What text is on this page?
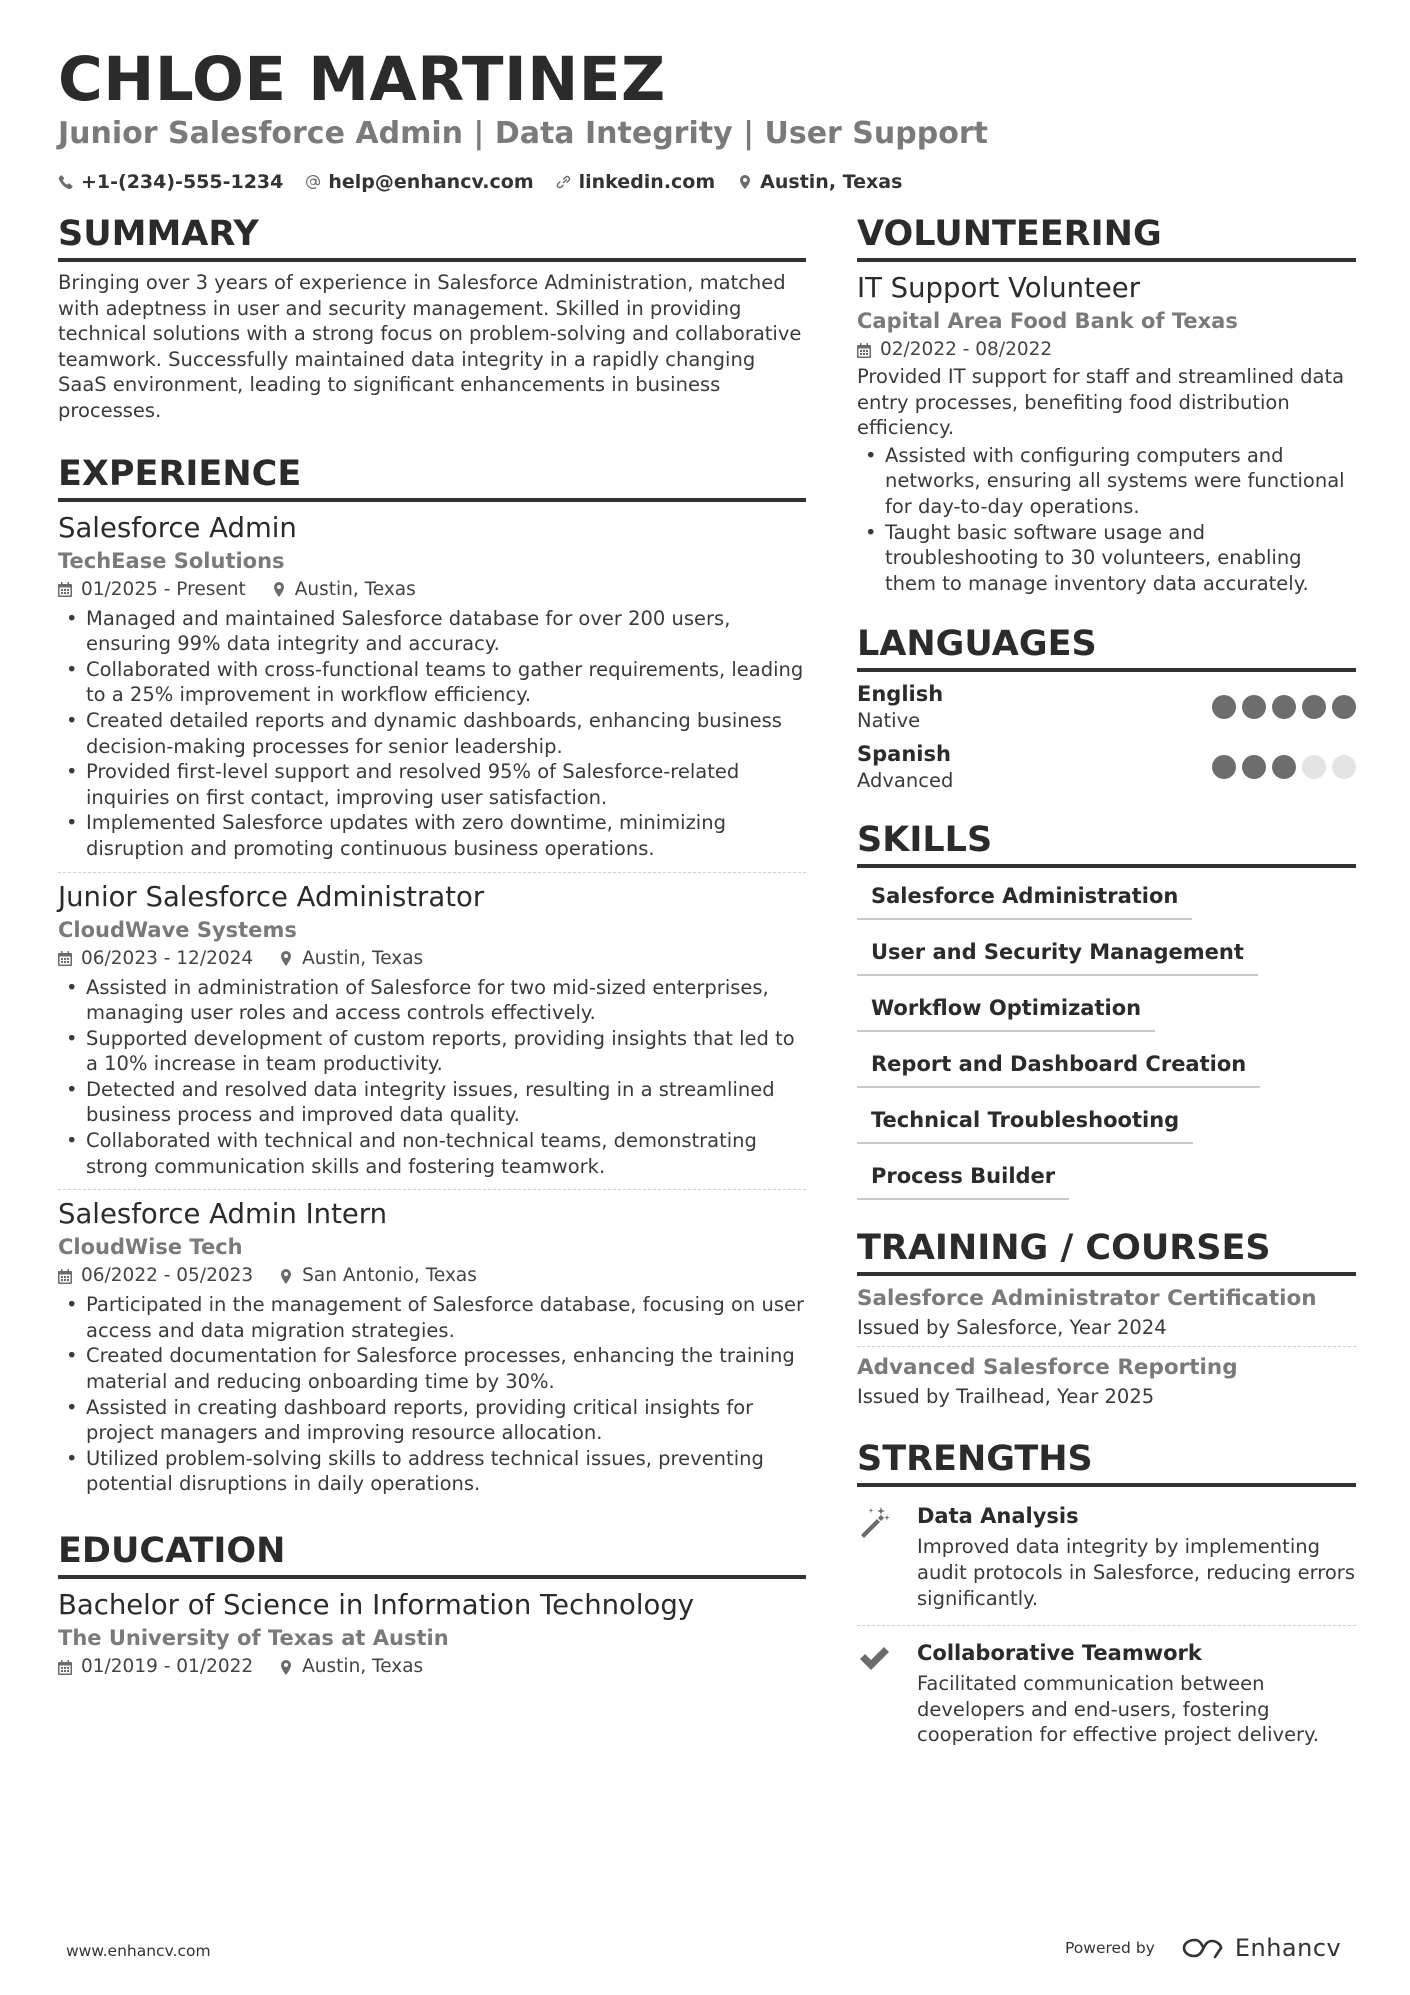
CHLOE MARTINEZ
Junior Salesforce Admin | Data Integrity | User Support
+1-(234)-555-1234 help@enhancv.com linkedin.com Austin, Texas
SUMMARY
Bringing over 3 years of experience in Salesforce Administration, matched with adeptness in user and security management. Skilled in providing technical solutions with a strong focus on problem-solving and collaborative teamwork. Successfully maintained data integrity in a rapidly changing SaaS environment, leading to significant enhancements in business processes.
EXPERIENCE
Salesforce Admin
TechEase Solutions
01/2025 - Present	Austin, Texas
• Managed and maintained Salesforce database for over 200 users, ensuring 99% data integrity and accuracy.
• Collaborated with cross-functional teams to gather requirements, leading to a 25% improvement in workflow efficiency.
• Created detailed reports and dynamic dashboards, enhancing business decision-making processes for senior leadership.
• Provided first-level support and resolved 95% of Salesforce-related inquiries on first contact, improving user satisfaction.
• Implemented Salesforce updates with zero downtime, minimizing disruption and promoting continuous business operations.
Junior Salesforce Administrator
CloudWave Systems
06/2023 - 12/2024	Austin, Texas
• Assisted in administration of Salesforce for two mid-sized enterprises, managing user roles and access controls effectively.
• Supported development of custom reports, providing insights that led to a 10% increase in team productivity.
• Detected and resolved data integrity issues, resulting in a streamlined business process and improved data quality.
• Collaborated with technical and non-technical teams, demonstrating strong communication skills and fostering teamwork.
Salesforce Admin Intern
CloudWise Tech
06/2022 - 05/2023	San Antonio, Texas
• Participated in the management of Salesforce database, focusing on user access and data migration strategies.
• Created documentation for Salesforce processes, enhancing the training material and reducing onboarding time by 30%.
• Assisted in creating dashboard reports, providing critical insights for project managers and improving resource allocation.
• Utilized problem-solving skills to address technical issues, preventing potential disruptions in daily operations.
EDUCATION
Bachelor of Science in Information Technology
The University of Texas at Austin
01/2019 - 01/2022	Austin, Texas
VOLUNTEERING
IT Support Volunteer
Capital Area Food Bank of Texas
02/2022 - 08/2022
Provided IT support for staff and streamlined data entry processes, benefiting food distribution efficiency.
• Assisted with configuring computers and networks, ensuring all systems were functional for day-to-day operations.
• Taught basic software usage and troubleshooting to 30 volunteers, enabling them to manage inventory data accurately.
LANGUAGES
English
Native
Spanish
Advanced
SKILLS
Salesforce Administration
User and Security Management
Workflow Optimization
Report and Dashboard Creation
Technical Troubleshooting
Process Builder
TRAINING / COURSES
Salesforce Administrator Certification
Issued by Salesforce, Year 2024
Advanced Salesforce Reporting
Issued by Trailhead, Year 2025
STRENGTHS
Data Analysis
Improved data integrity by implementing audit protocols in Salesforce, reducing errors significantly.
Collaborative Teamwork
Facilitated communication between developers and end-users, fostering cooperation for effective project delivery.
www.enhancv.com	Powered by	Enhancv
